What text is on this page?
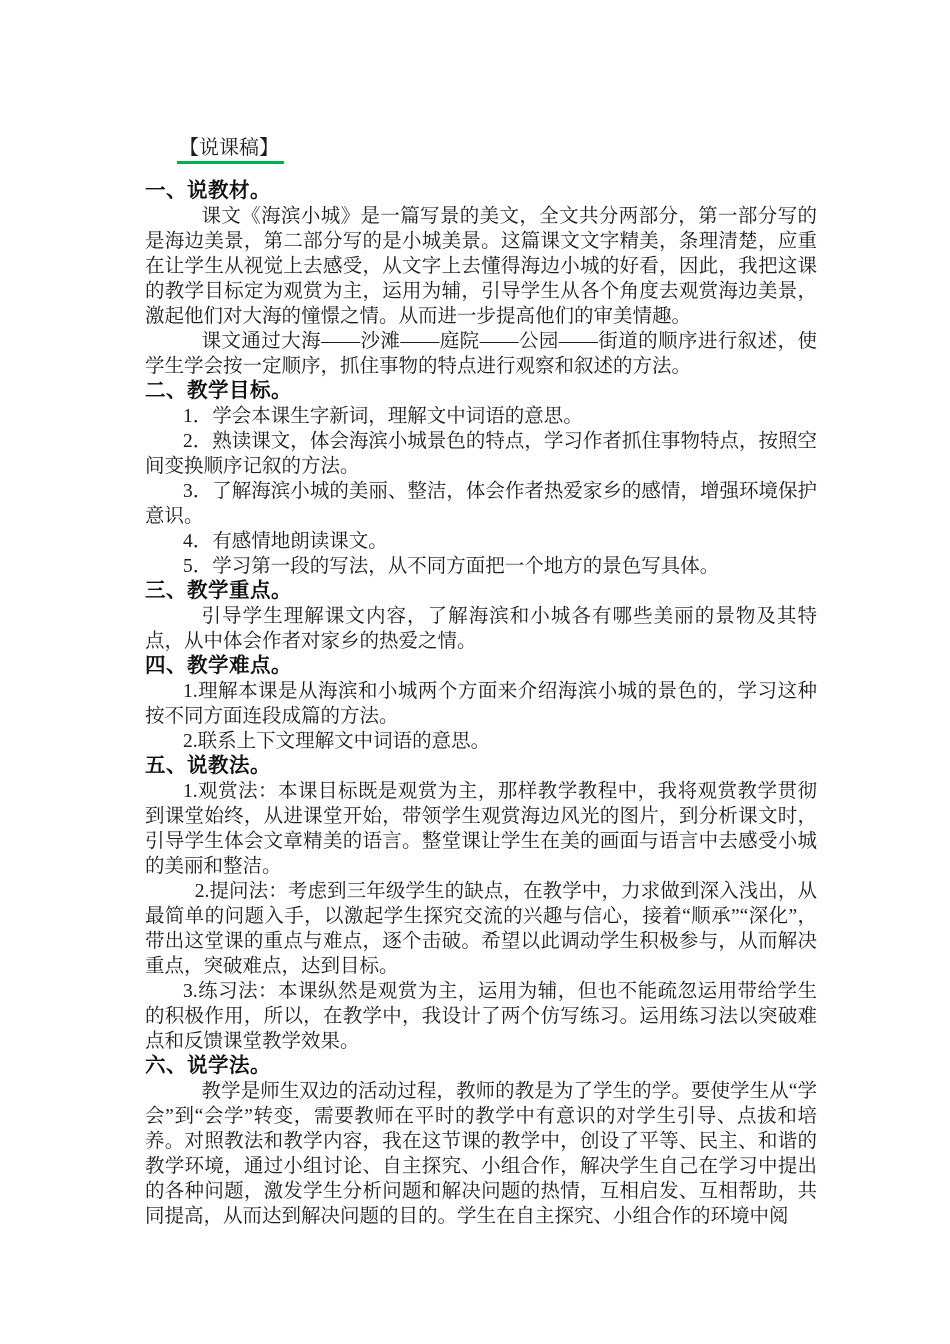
【说课稿】
一、说教材。

课文《海滨小城》是一篇写景的美文，全文共分两部分，第一部分写的是海边美景，第二部分写的是小城美景。这篇课文文字精美，条理清楚，应重在让学生从视觉上去感受，从文字上去懂得海边小城的好看，因此，我把这课的教学目标定为观赏为主，运用为辅，引导学生从各个角度去观赏海边美景，激起他们对大海的憧憬之情。从而进一步提高他们的审美情趣。

课文通过大海——沙滩——庭院——公园——街道的顺序进行叙述，使学生学会按一定顺序，抓住事物的特点进行观察和叙述的方法。

二、教学目标。

1．学会本课生字新词，理解文中词语的意思。

2．熟读课文，体会海滨小城景色的特点，学习作者抓住事物特点，按照空间变换顺序记叙的方法。

3．了解海滨小城的美丽、整洁，体会作者热爱家乡的感情，增强环境保护意识。

4．有感情地朗读课文。

5．学习第一段的写法，从不同方面把一个地方的景色写具体。

三、教学重点。

引导学生理解课文内容，了解海滨和小城各有哪些美丽的景物及其特点，从中体会作者对家乡的热爱之情。

四、教学难点。

1.理解本课是从海滨和小城两个方面来介绍海滨小城的景色的，学习这种按不同方面连段成篇的方法。

2.联系上下文理解文中词语的意思。

五、说教法。

1.观赏法：本课目标既是观赏为主，那样教学教程中，我将观赏教学贯彻到课堂始终，从进课堂开始，带领学生观赏海边风光的图片，到分析课文时，引导学生体会文章精美的语言。整堂课让学生在美的画面与语言中去感受小城的美丽和整洁。

2.提问法：考虑到三年级学生的缺点，在教学中，力求做到深入浅出，从最简单的问题入手，以激起学生探究交流的兴趣与信心，接着“顺承”“深化”，带出这堂课的重点与难点，逐个击破。希望以此调动学生积极参与，从而解决重点，突破难点，达到目标。

3.练习法：本课纵然是观赏为主，运用为辅，但也不能疏忽运用带给学生的积极作用，所以，在教学中，我设计了两个仿写练习。运用练习法以突破难点和反馈课堂教学效果。

六、说学法。

教学是师生双边的活动过程，教师的教是为了学生的学。要使学生从“学会”到“会学”转变，需要教师在平时的教学中有意识的对学生引导、点拔和培养。对照教法和教学内容，我在这节课的教学中，创设了平等、民主、和谐的教学环境，通过小组讨论、自主探究、小组合作，解决学生自己在学习中提出的各种问题，激发学生分析问题和解决问题的热情，互相启发、互相帮助，共同提高，从而达到解决问题的目的。学生在自主探究、小组合作的环境中阅
